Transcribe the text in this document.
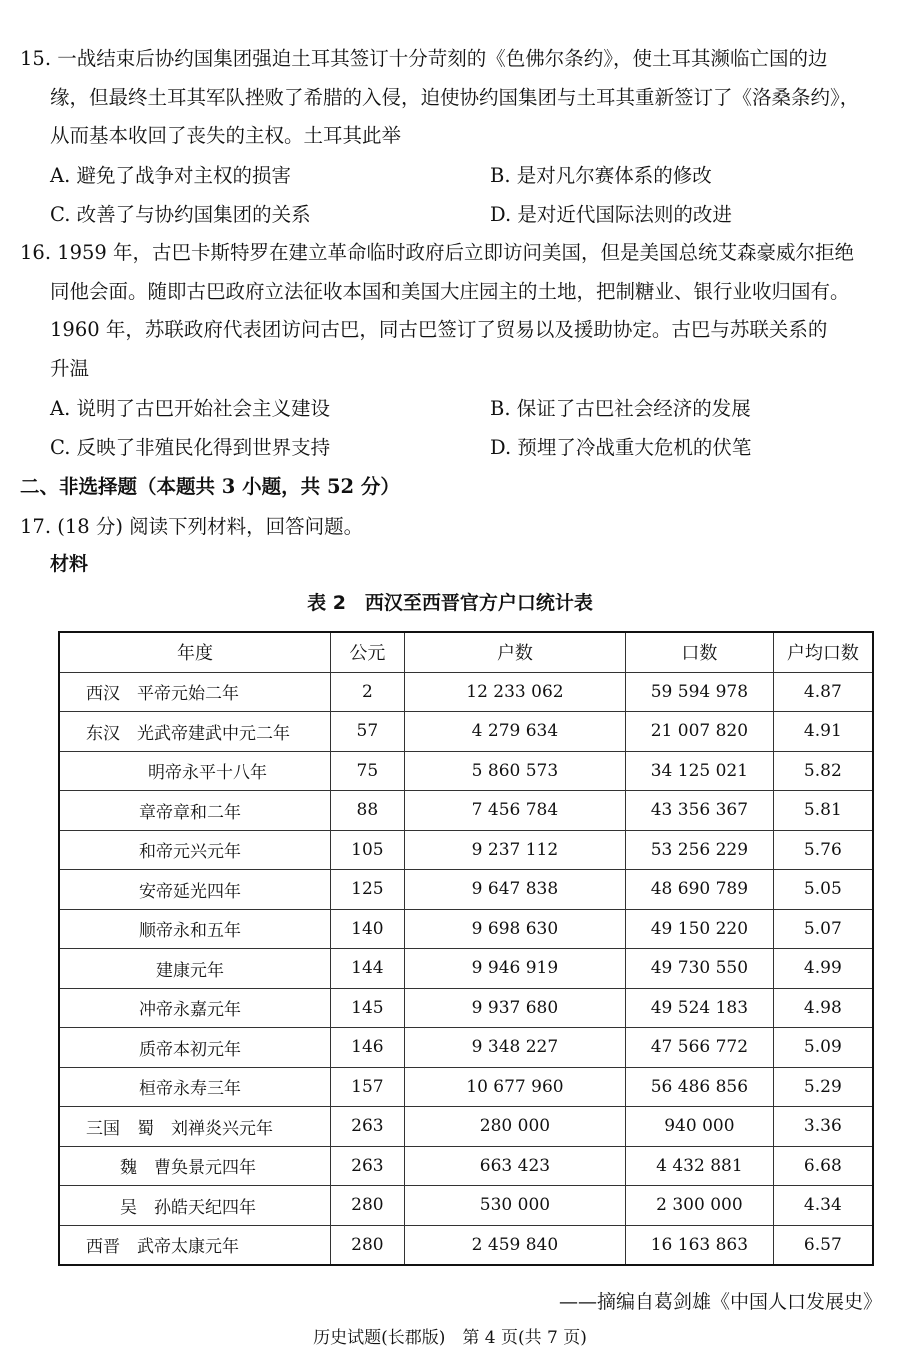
15. 一战结束后协约国集团强迫土耳其签订十分苛刻的《色佛尔条约》，使土耳其濒临亡国的边
缘，但最终土耳其军队挫败了希腊的入侵，迫使协约国集团与土耳其重新签订了《洛桑条约》，
从而基本收回了丧失的主权。土耳其此举
A. 避免了战争对主权的损害	B. 是对凡尔赛体系的修改
C. 改善了与协约国集团的关系	D. 是对近代国际法则的改进
16. 1959 年，古巴卡斯特罗在建立革命临时政府后立即访问美国，但是美国总统艾森豪威尔拒绝
同他会面。随即古巴政府立法征收本国和美国大庄园主的土地，把制糖业、银行业收归国有。
1960 年，苏联政府代表团访问古巴，同古巴签订了贸易以及援助协定。古巴与苏联关系的
升温
A. 说明了古巴开始社会主义建设	B. 保证了古巴社会经济的发展
C. 反映了非殖民化得到世界支持	D. 预埋了冷战重大危机的伏笔
二、非选择题（本题共 3 小题，共 52 分）
17. (18 分) 阅读下列材料，回答问题。
材料
表 2　西汉至西晋官方户口统计表
年度	公元	户数	口数	户均口数
西汉　平帝元始二年	2	12 233 062	59 594 978	4.87
东汉　光武帝建武中元二年	57	4 279 634	21 007 820	4.91
明帝永平十八年	75	5 860 573	34 125 021	5.82
章帝章和二年	88	7 456 784	43 356 367	5.81
和帝元兴元年	105	9 237 112	53 256 229	5.76
安帝延光四年	125	9 647 838	48 690 789	5.05
顺帝永和五年	140	9 698 630	49 150 220	5.07
建康元年	144	9 946 919	49 730 550	4.99
冲帝永嘉元年	145	9 937 680	49 524 183	4.98
质帝本初元年	146	9 348 227	47 566 772	5.09
桓帝永寿三年	157	10 677 960	56 486 856	5.29
三国　蜀　刘禅炎兴元年	263	280 000	940 000	3.36
魏　曹奂景元四年	263	663 423	4 432 881	6.68
吴　孙皓天纪四年	280	530 000	2 300 000	4.34
西晋　武帝太康元年	280	2 459 840	16 163 863	6.57
——摘编自葛剑雄《中国人口发展史》
历史试题(长郡版)　第 4 页(共 7 页)
